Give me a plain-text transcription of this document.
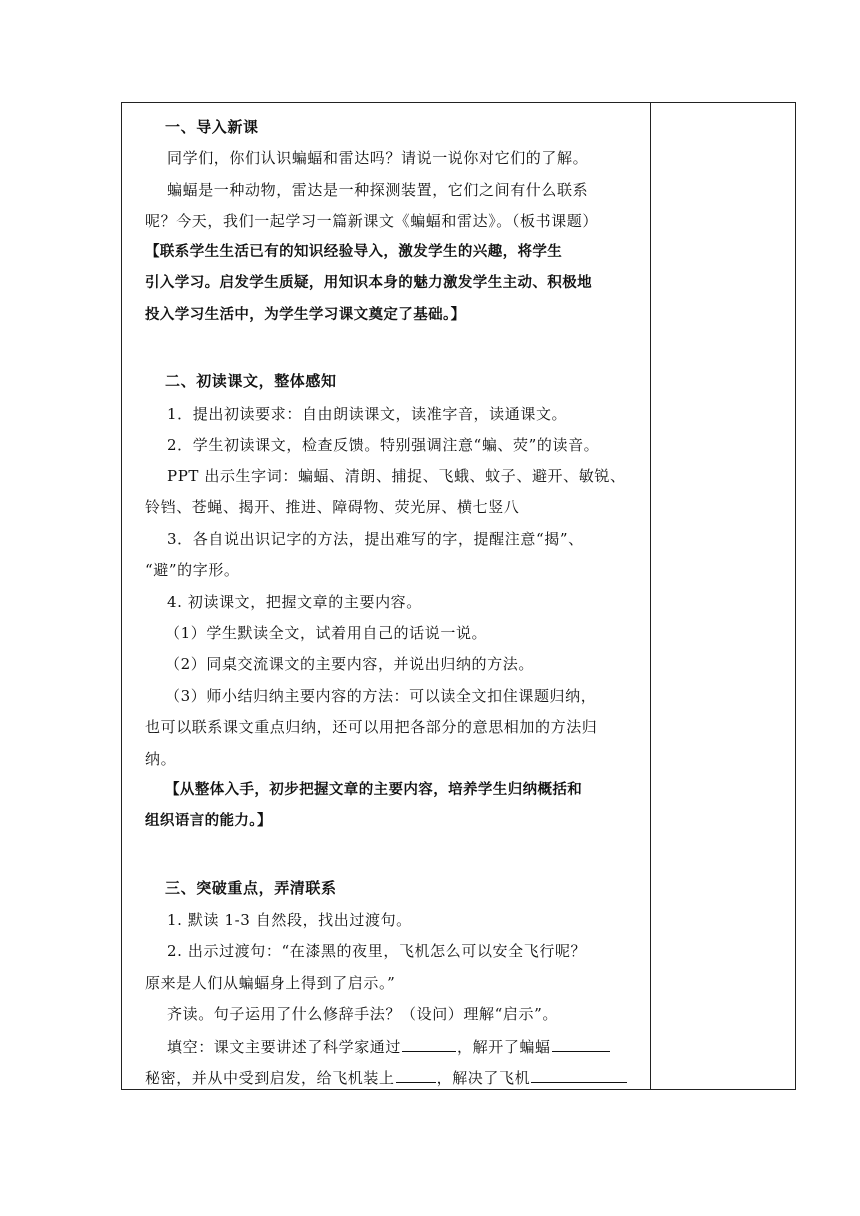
一、导入新课
同学们，你们认识蝙蝠和雷达吗？请说一说你对它们的了解。
蝙蝠是一种动物，雷达是一种探测装置，它们之间有什么联系
呢？今天，我们一起学习一篇新课文《蝙蝠和雷达》。（板书课题）
【联系学生生活已有的知识经验导入，激发学生的兴趣，将学生
引入学习。启发学生质疑，用知识本身的魅力激发学生主动、积极地
投入学习生活中，为学生学习课文奠定了基础。】
二、初读课文，整体感知
1．提出初读要求：自由朗读课文，读准字音，读通课文。
2．学生初读课文，检查反馈。特别强调注意“蝙、荧”的读音。
PPT 出示生字词：蝙蝠、清朗、捕捉、飞蛾、蚊子、避开、敏锐、
铃铛、苍蝇、揭开、推进、障碍物、荧光屏、横七竖八
3．各自说出识记字的方法，提出难写的字，提醒注意“揭”、
“避”的字形。
4. 初读课文，把握文章的主要内容。
（1）学生默读全文，试着用自己的话说一说。
（2）同桌交流课文的主要内容，并说出归纳的方法。
（3）师小结归纳主要内容的方法：可以读全文扣住课题归纳，
也可以联系课文重点归纳，还可以用把各部分的意思相加的方法归
纳。
【从整体入手，初步把握文章的主要内容，培养学生归纳概括和
组织语言的能力。】
三、突破重点，弄清联系
1. 默读 1-3 自然段，找出过渡句。
2. 出示过渡句：“在漆黑的夜里，飞机怎么可以安全飞行呢？
原来是人们从蝙蝠身上得到了启示。”
齐读。句子运用了什么修辞手法？（设问）理解“启示”。
填空：课文主要讲述了科学家通过	，解开了蝙蝠
秘密，并从中受到启发，给飞机装上	，解决了飞机
